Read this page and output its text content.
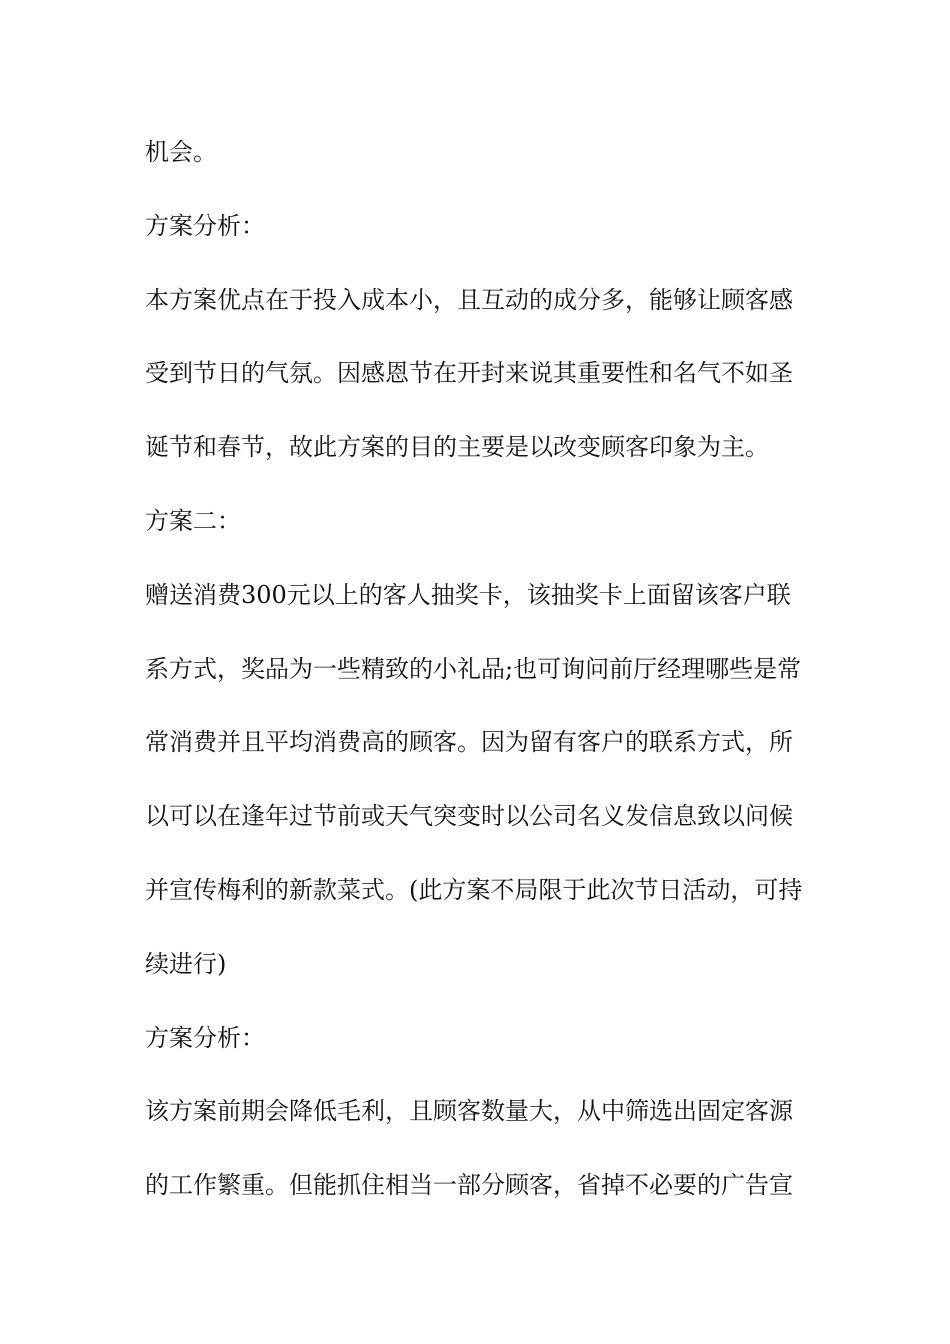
机会。
方案分析：
本方案优点在于投入成本小，且互动的成分多，能够让顾客感
受到节日的气氛。因感恩节在开封来说其重要性和名气不如圣
诞节和春节，故此方案的目的主要是以改变顾客印象为主。
方案二：
赠送消费300元以上的客人抽奖卡，该抽奖卡上面留该客户联
系方式，奖品为一些精致的小礼品;也可询问前厅经理哪些是常
常消费并且平均消费高的顾客。因为留有客户的联系方式，所
以可以在逢年过节前或天气突变时以公司名义发信息致以问候
并宣传梅利的新款菜式。(此方案不局限于此次节日活动，可持
续进行)
方案分析：
该方案前期会降低毛利，且顾客数量大，从中筛选出固定客源
的工作繁重。但能抓住相当一部分顾客，省掉不必要的广告宣
